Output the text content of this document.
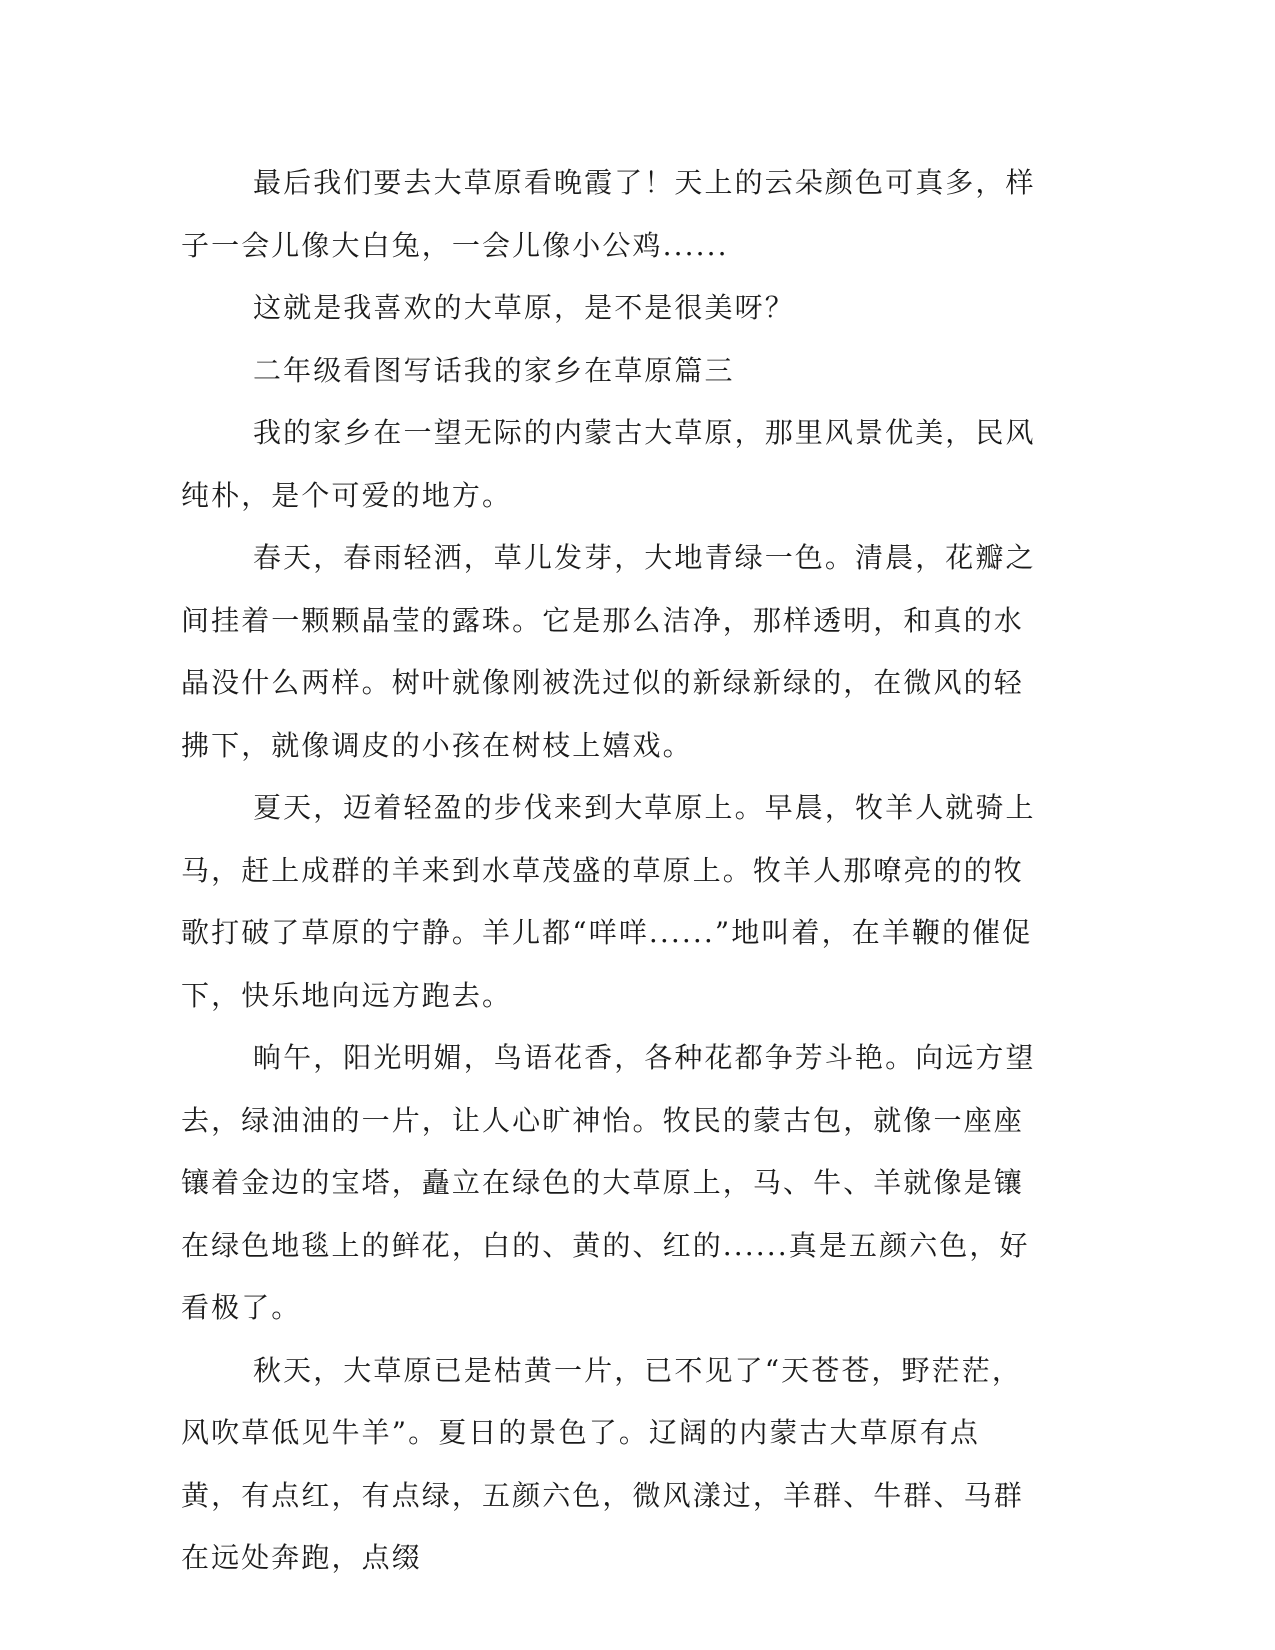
最后我们要去大草原看晚霞了！天上的云朵颜色可真多，样子一会儿像大白兔，一会儿像小公鸡......

这就是我喜欢的大草原，是不是很美呀？

二年级看图写话我的家乡在草原篇三

我的家乡在一望无际的内蒙古大草原，那里风景优美，民风纯朴，是个可爱的地方。

春天，春雨轻洒，草儿发芽，大地青绿一色。清晨，花瓣之间挂着一颗颗晶莹的露珠。它是那么洁净，那样透明，和真的水晶没什么两样。树叶就像刚被洗过似的新绿新绿的，在微风的轻拂下，就像调皮的小孩在树枝上嬉戏。

夏天，迈着轻盈的步伐来到大草原上。早晨，牧羊人就骑上马，赶上成群的羊来到水草茂盛的草原上。牧羊人那嘹亮的的牧歌打破了草原的宁静。羊儿都“咩咩......”地叫着，在羊鞭的催促下，快乐地向远方跑去。

晌午，阳光明媚，鸟语花香，各种花都争芳斗艳。向远方望去，绿油油的一片，让人心旷神怡。牧民的蒙古包，就像一座座镶着金边的宝塔，矗立在绿色的大草原上，马、牛、羊就像是镶在绿色地毯上的鲜花，白的、黄的、红的......真是五颜六色，好看极了。

秋天，大草原已是枯黄一片，已不见了“天苍苍，野茫茫，风吹草低见牛羊”。夏日的景色了。辽阔的内蒙古大草原有点黄，有点红，有点绿，五颜六色，微风漾过，羊群、牛群、马群在远处奔跑，点缀
